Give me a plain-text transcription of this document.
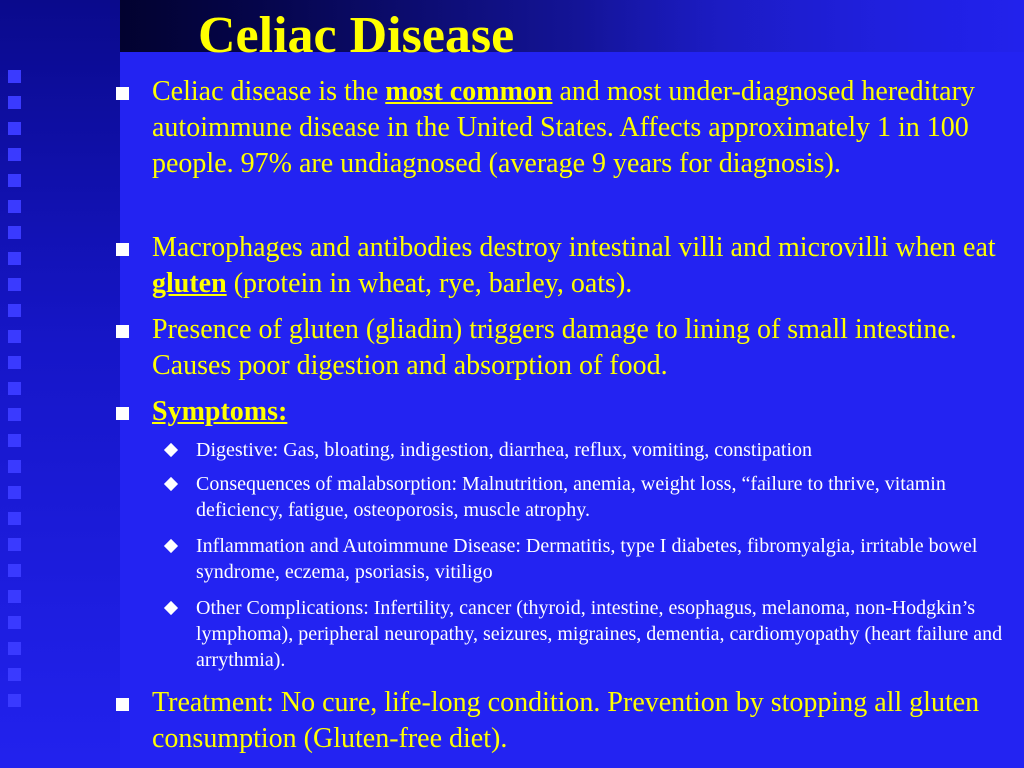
Celiac Disease
Celiac disease is the most common and most under-diagnosed hereditary autoimmune disease in the United States. Affects approximately 1 in 100 people. 97% are undiagnosed (average 9 years for diagnosis).
Macrophages and antibodies destroy intestinal villi and microvilli when eat gluten (protein in wheat, rye, barley, oats).
Presence of gluten (gliadin) triggers damage to lining of small intestine. Causes poor digestion and absorption of food.
Symptoms:
Digestive: Gas, bloating, indigestion, diarrhea, reflux, vomiting, constipation
Consequences of malabsorption: Malnutrition, anemia, weight loss, “failure to thrive, vitamin deficiency, fatigue, osteoporosis, muscle atrophy.
Inflammation and Autoimmune Disease: Dermatitis, type I diabetes, fibromyalgia, irritable bowel syndrome, eczema, psoriasis, vitiligo
Other Complications: Infertility, cancer (thyroid, intestine, esophagus, melanoma, non-Hodgkin’s lymphoma), peripheral neuropathy, seizures, migraines, dementia, cardiomyopathy (heart failure and arrythmia).
Treatment: No cure, life-long condition. Prevention by stopping all gluten consumption (Gluten-free diet).
